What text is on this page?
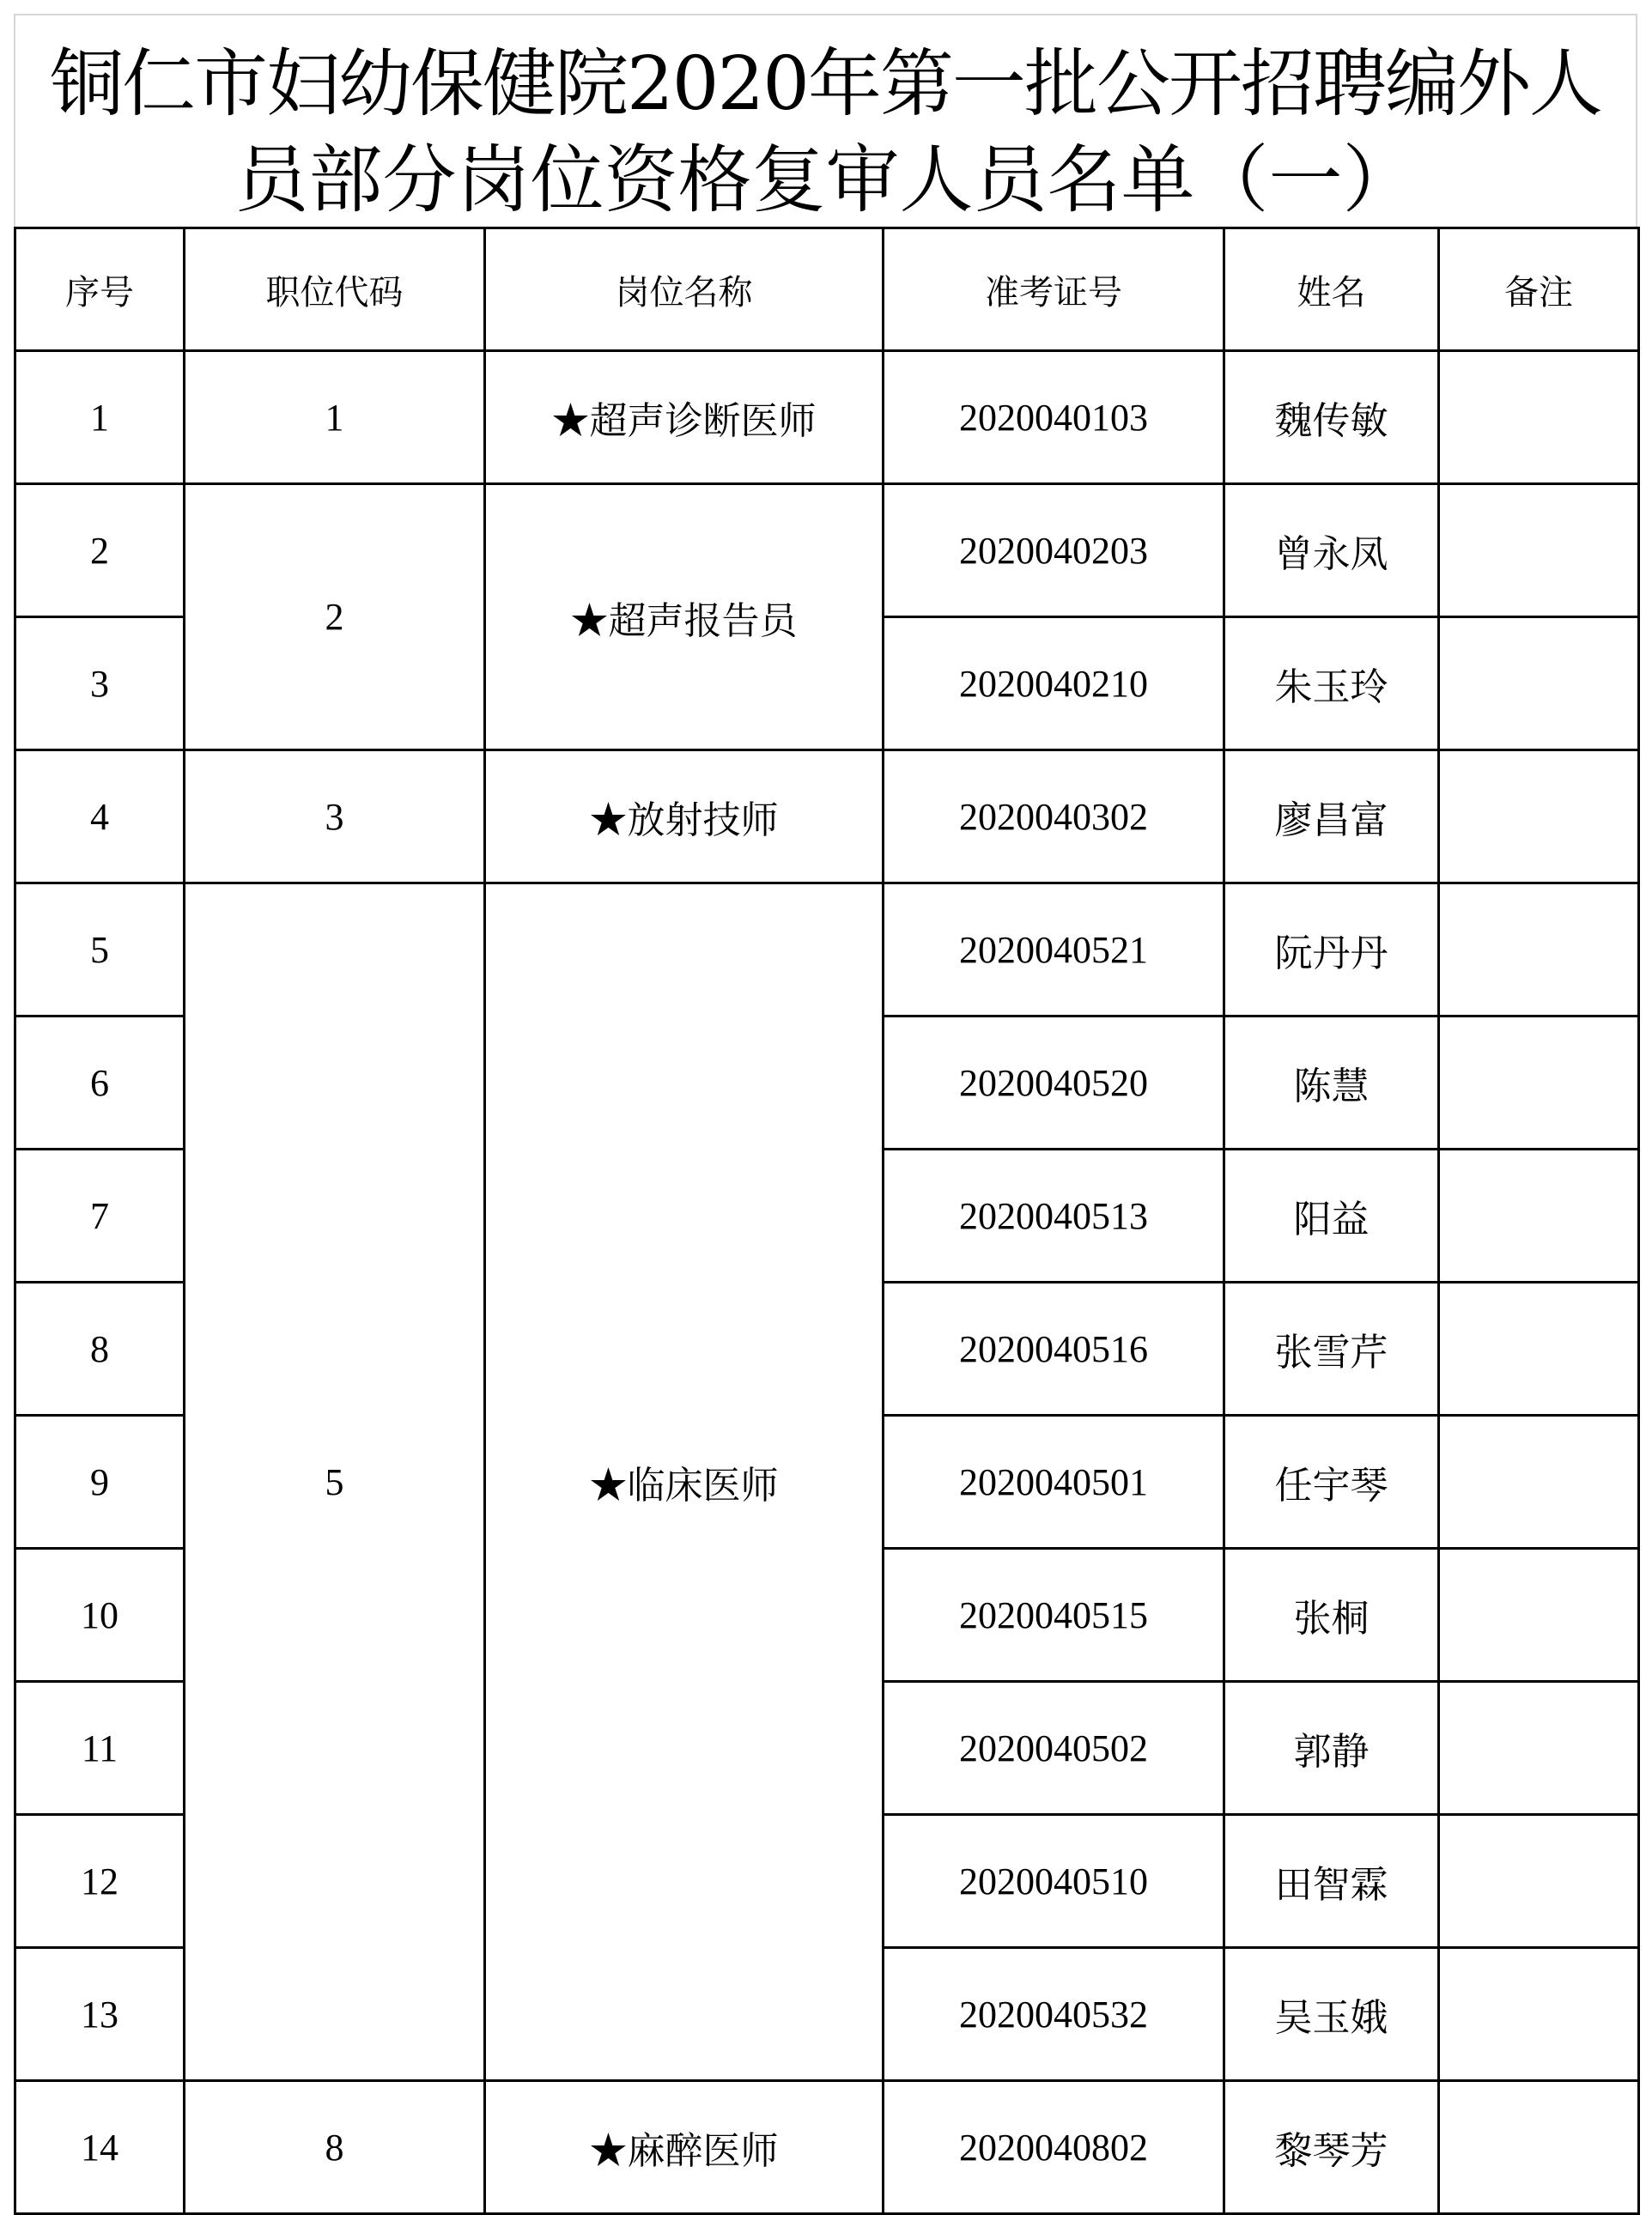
铜仁市妇幼保健院2020年第一批公开招聘编外人
员部分岗位资格复审人员名单（一）
序号	职位代码	岗位名称	准考证号	姓名	备注
1	1	★超声诊断医师	2020040103	魏传敏	
2	2	★超声报告员	2020040203	曾永凤	
3			2020040210	朱玉玲	
4	3	★放射技师	2020040302	廖昌富	
5	5	★临床医师	2020040521	阮丹丹	
6			2020040520	陈慧	
7			2020040513	阳益	
8			2020040516	张雪芹	
9			2020040501	任宇琴	
10			2020040515	张桐	
11			2020040502	郭静	
12			2020040510	田智霖	
13			2020040532	吴玉娥	
14	8	★麻醉医师	2020040802	黎琴芳	
